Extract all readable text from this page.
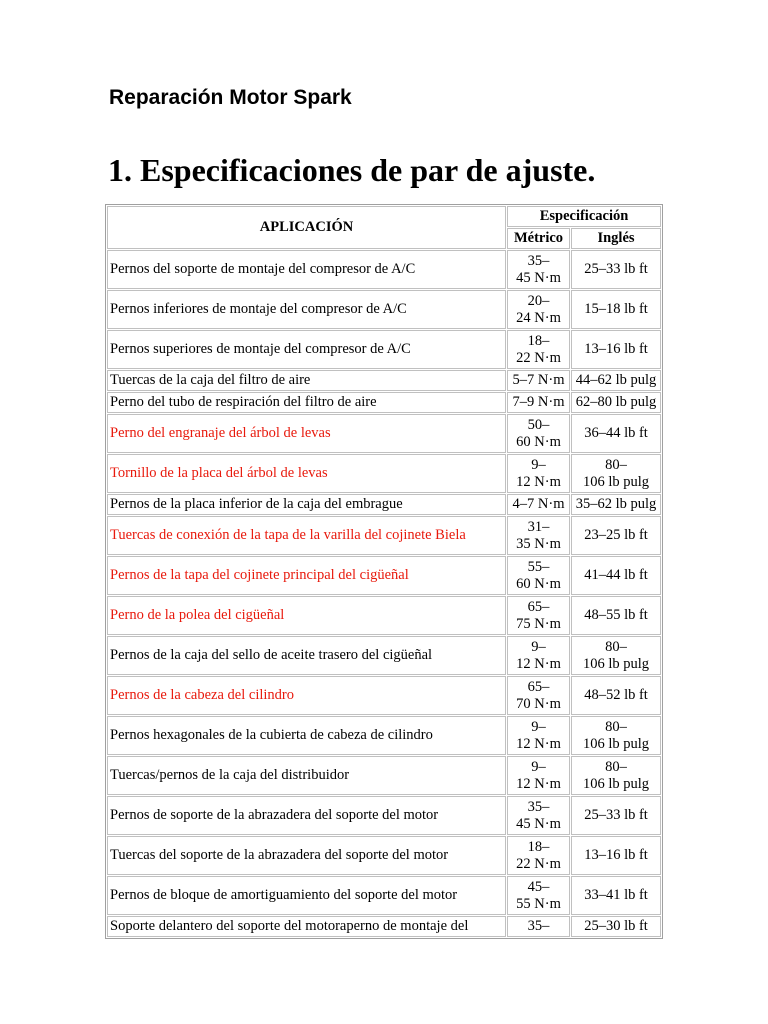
Reparación Motor Spark
1. Especificaciones de par de ajuste.
APLICACIÓN	Especificación	
	Métrico	Inglés
Pernos del soporte de montaje del compresor de A/C	35–
45 N·m	25–33 lb ft

Pernos inferiores de montaje del compresor de A/C	20–
24 N·m	15–18 lb ft

Pernos superiores de montaje del compresor de A/C	18–
22 N·m	13–16 lb ft

Tuercas de la caja del filtro de aire	5–7 N·m	44–62 lb pulg

Perno del tubo de respiración del filtro de aire	7–9 N·m	62–80 lb pulg

Perno del engranaje del árbol de levas	50–
60 N·m	36–44 lb ft

Tornillo de la placa del árbol de levas	9–
12 N·m	80–
106 lb pulg

Pernos de la placa inferior de la caja del embrague	4–7 N·m	35–62 lb pulg

Tuercas de conexión de la tapa de la varilla del cojinete Biela	31–
35 N·m	23–25 lb ft

Pernos de la tapa del cojinete principal del cigüeñal	55–
60 N·m	41–44 lb ft

Perno de la polea del cigüeñal	65–
75 N·m	48–55 lb ft

Pernos de la caja del sello de aceite trasero del cigüeñal	9–
12 N·m	80–
106 lb pulg

Pernos de la cabeza del cilindro	65–
70 N·m	48–52 lb ft

Pernos hexagonales de la cubierta de cabeza de cilindro	9–
12 N·m	80–
106 lb pulg

Tuercas/pernos de la caja del distribuidor	9–
12 N·m	80–
106 lb pulg

Pernos de soporte de la abrazadera del soporte del motor	35–
45 N·m	25–33 lb ft

Tuercas del soporte de la abrazadera del soporte del motor	18–
22 N·m	13–16 lb ft

Pernos de bloque de amortiguamiento del soporte del motor	45–
55 N·m	33–41 lb ft

Soporte delantero del soporte del motoraperno de montaje del	35–	25–30 lb ft
